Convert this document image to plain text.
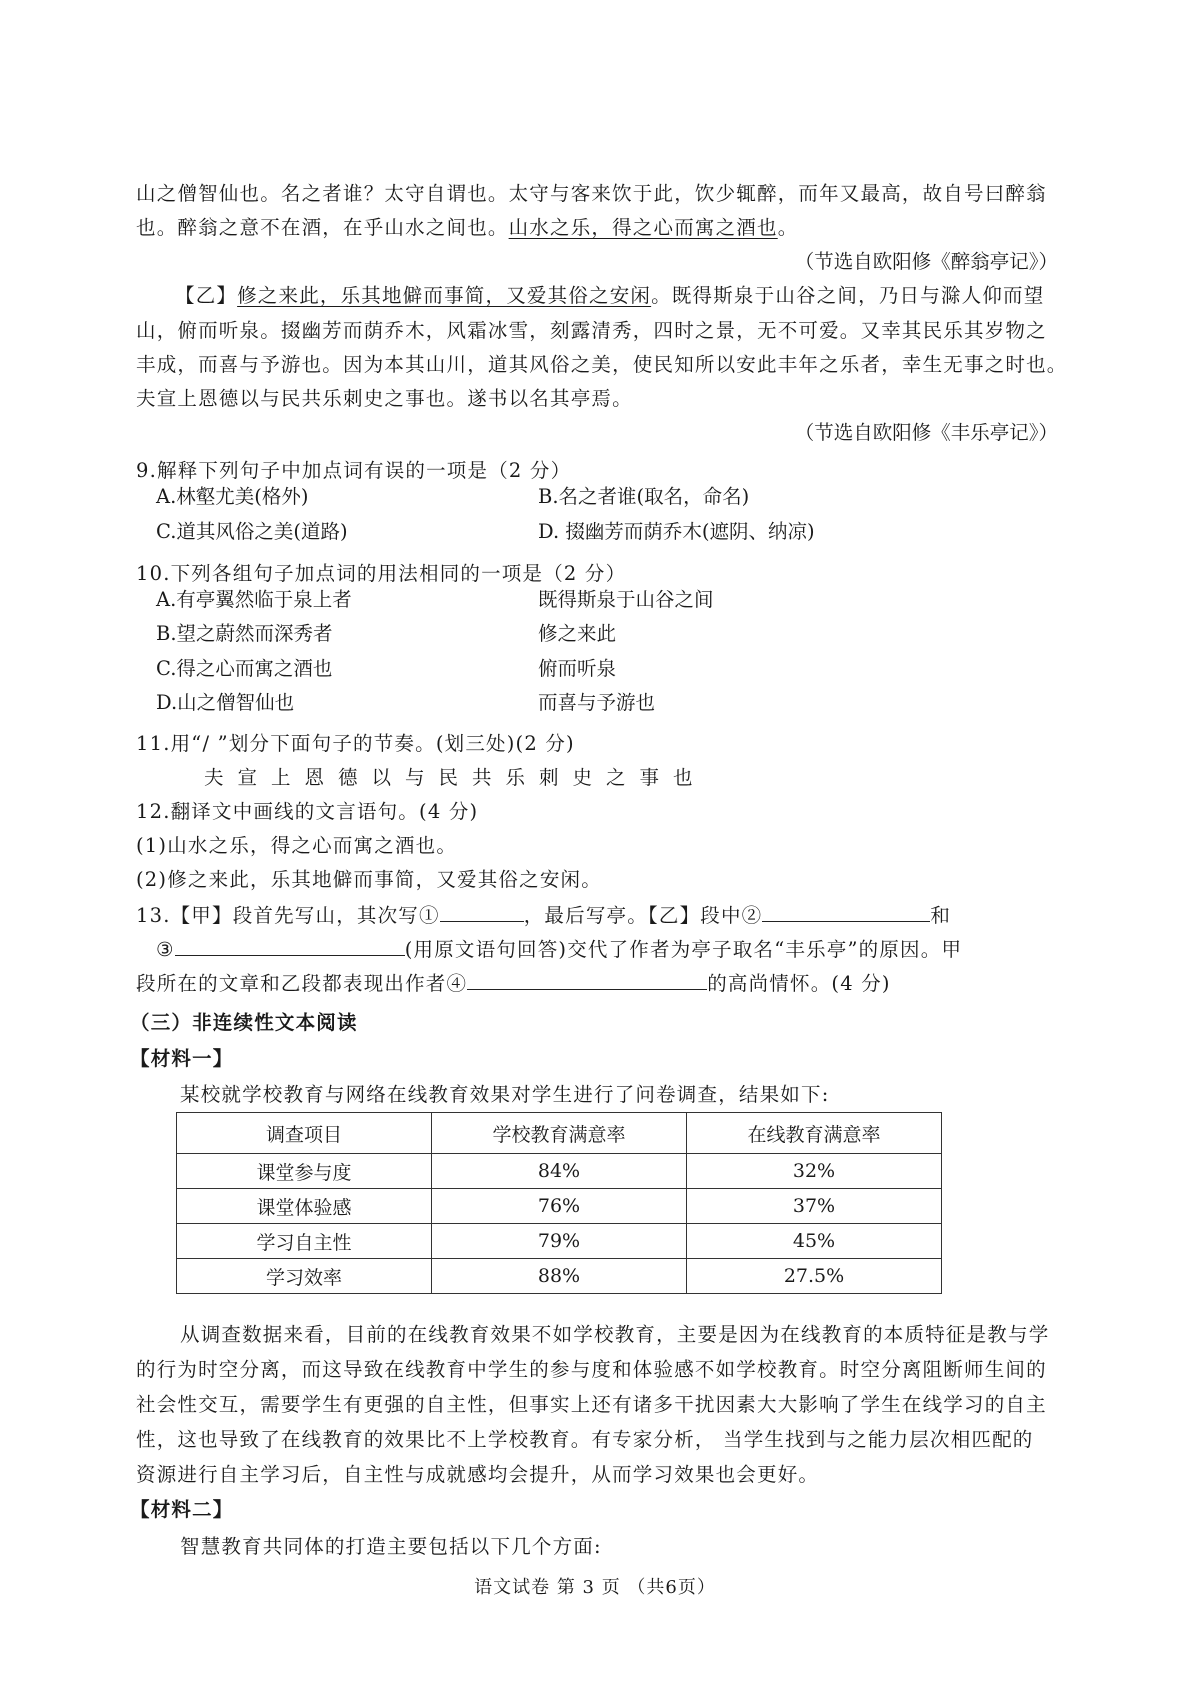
山之僧智仙也。名之者谁？太守自谓也。太守与客来饮于此，饮少辄醉，而年又最高，故自号曰醉翁
也。醉翁之意不在酒，在乎山水之间也。山水之乐，得之心而寓之酒也。
（节选自欧阳修《醉翁亭记》）
【乙】修之来此，乐其地僻而事简，又爱其俗之安闲。既得斯泉于山谷之间，乃日与滁人仰而望
山，俯而听泉。掇幽芳而荫乔木，风霜冰雪，刻露清秀，四时之景，无不可爱。又幸其民乐其岁物之
丰成，而喜与予游也。因为本其山川，道其风俗之美，使民知所以安此丰年之乐者，幸生无事之时也。
夫宣上恩德以与民共乐刺史之事也。遂书以名其亭焉。
（节选自欧阳修《丰乐亭记》）
9.解释下列句子中加点词有误的一项是（2 分）
A.林壑尤美(格外)	B.名之者谁(取名，命名)
C.道其风俗之美(道路)	D. 掇幽芳而荫乔木(遮阴、纳凉)
10.下列各组句子加点词的用法相同的一项是（2 分）
A.有亭翼然临于泉上者	既得斯泉于山谷之间
B.望之蔚然而深秀者	修之来此
C.得之心而寓之酒也	俯而听泉
D.山之僧智仙也	而喜与予游也
11.用“/ ”划分下面句子的节奏。(划三处)(2 分)
夫宣上恩德以与民共乐刺史之事也
12.翻译文中画线的文言语句。(4 分)
(1)山水之乐，得之心而寓之酒也。
(2)修之来此，乐其地僻而事简，又爱其俗之安闲。
13.【甲】段首先写山，其次写①	，最后写亭。【乙】段中②	和
③	(用原文语句回答)交代了作者为亭子取名“丰乐亭”的原因。甲
段所在的文章和乙段都表现出作者④	的高尚情怀。(4 分)
（三）非连续性文本阅读
【材料一】
某校就学校教育与网络在线教育效果对学生进行了问卷调查，结果如下:
调查项目	学校教育满意率	在线教育满意率
课堂参与度	84%	32%
课堂体验感	76%	37%
学习自主性	79%	45%
学习效率	88%	27.5%
从调查数据来看，目前的在线教育效果不如学校教育，主要是因为在线教育的本质特征是教与学
的行为时空分离，而这导致在线教育中学生的参与度和体验感不如学校教育。时空分离阻断师生间的
社会性交互，需要学生有更强的自主性，但事实上还有诸多干扰因素大大影响了学生在线学习的自主
性，这也导致了在线教育的效果比不上学校教育。有专家分析， 当学生找到与之能力层次相匹配的
资源进行自主学习后，自主性与成就感均会提升，从而学习效果也会更好。
【材料二】
智慧教育共同体的打造主要包括以下几个方面:
语文试卷 第 3 页 （共6页）
